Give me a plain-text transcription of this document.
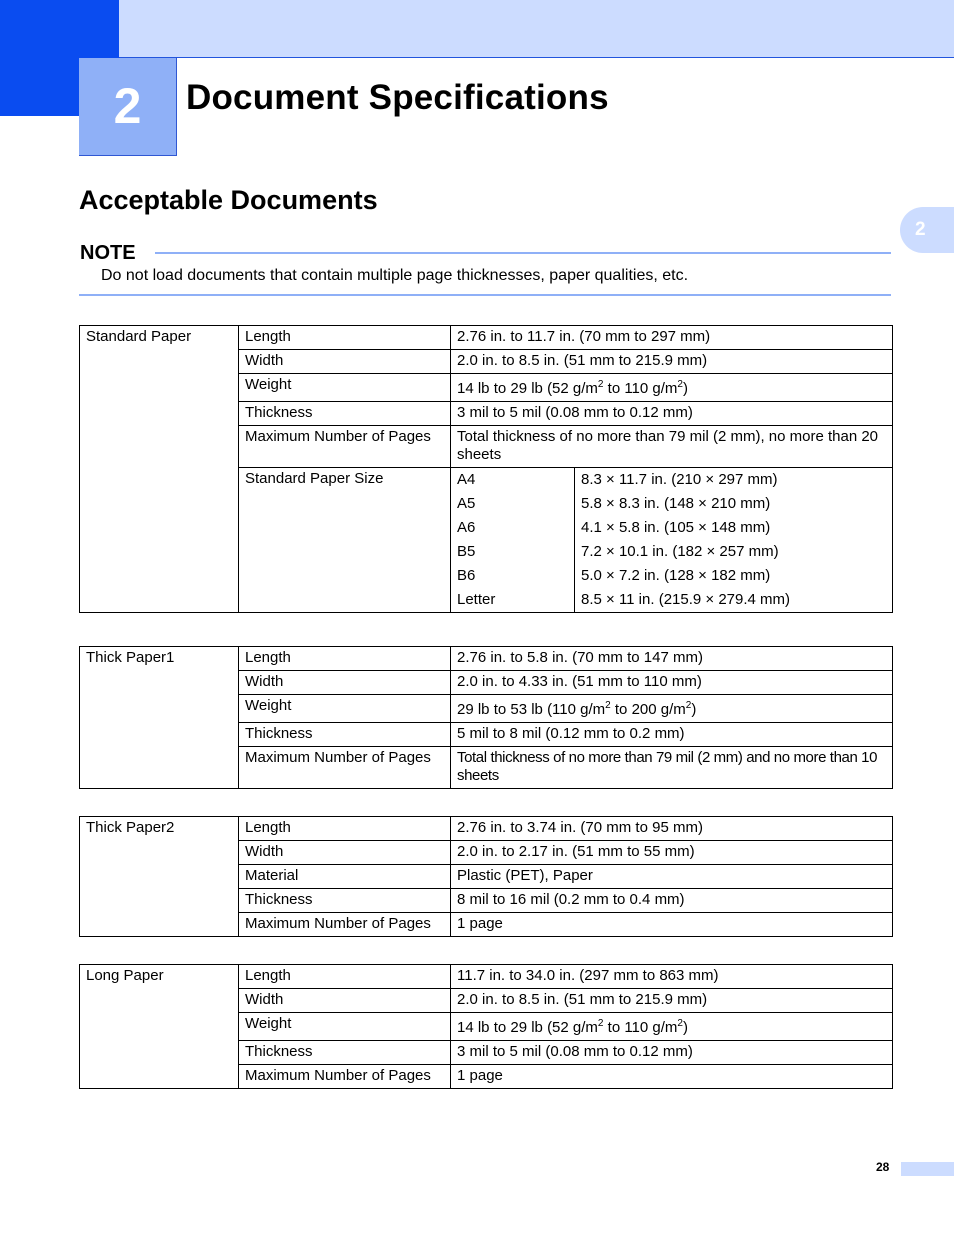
2	Document Specifications
2
Acceptable Documents
NOTE
Do not load documents that contain multiple page thicknesses, paper qualities, etc.
Standard Paper	Length	2.76 in. to 11.7 in. (70 mm to 297 mm)
Width	2.0 in. to 8.5 in. (51 mm to 215.9 mm)
Weight	14 lb to 29 lb (52 $g/m^2$ to 110 $g/m^2$)
Thickness	3 mil to 5 mil (0.08 mm to 0.12 mm)
Maximum Number of Pages	Total thickness of no more than 79 mil (2 mm), no more than 20 sheets
Standard Paper Size		A4	8.3 × 11.7 in. (210 × 297 mm)
A5	5.8 × 8.3 in. (148 × 210 mm)
A6	4.1 × 5.8 in. (105 × 148 mm)
B5	7.2 × 10.1 in. (182 × 257 mm)
B6	5.0 × 7.2 in. (128 × 182 mm)
Letter	8.5 × 11 in. (215.9 × 279.4 mm)
Thick Paper1	Length	2.76 in. to 5.8 in. (70 mm to 147 mm)
	Width	2.0 in. to 4.33 in. (51 mm to 110 mm)
	Weight	29 lb to 53 lb (110 $g/m^2$ to 200 $g/m^2$)
	Thickness	5 mil to 8 mil (0.12 mm to 0.2 mm)
	Maximum Number of Pages	Total thickness of no more than 79 mil (2 mm) and no more than 10 sheets
Thick Paper2	Length	2.76 in. to 3.74 in. (70 mm to 95 mm)
	Width	2.0 in. to 2.17 in. (51 mm to 55 mm)
	Material	Plastic (PET), Paper
	Thickness	8 mil to 16 mil (0.2 mm to 0.4 mm)
	Maximum Number of Pages	1 page
Long Paper	Length	11.7 in. to 34.0 in. (297 mm to 863 mm)
	Width	2.0 in. to 8.5 in. (51 mm to 215.9 mm)
	Weight	14 lb to 29 lb (52 $g/m^2$ to 110 $g/m^2$)
	Thickness	3 mil to 5 mil (0.08 mm to 0.12 mm)
	Maximum Number of Pages	1 page
28
